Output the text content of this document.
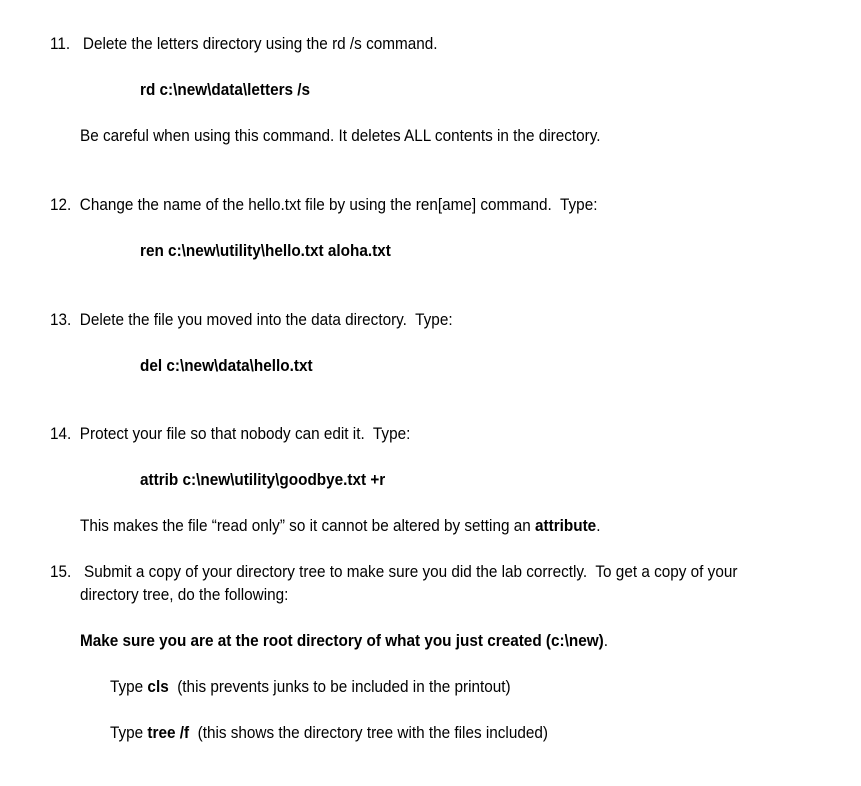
11. Delete the letters directory using the rd /s command.
rd c:\new\data\letters /s
Be careful when using this command. It deletes ALL contents in the directory.
12. Change the name of the hello.txt file by using the ren[ame] command.  Type:
ren c:\new\utility\hello.txt aloha.txt
13. Delete the file you moved into the data directory.  Type:
del c:\new\data\hello.txt
14. Protect your file so that nobody can edit it.  Type:
attrib c:\new\utility\goodbye.txt +r
This makes the file “read only” so it cannot be altered by setting an attribute.
15. Submit a copy of your directory tree to make sure you did the lab correctly.  To get a copy of your
directory tree, do the following:
Make sure you are at the root directory of what you just created (c:\new).
Type cls  (this prevents junks to be included in the printout)
Type tree /f  (this shows the directory tree with the files included)
